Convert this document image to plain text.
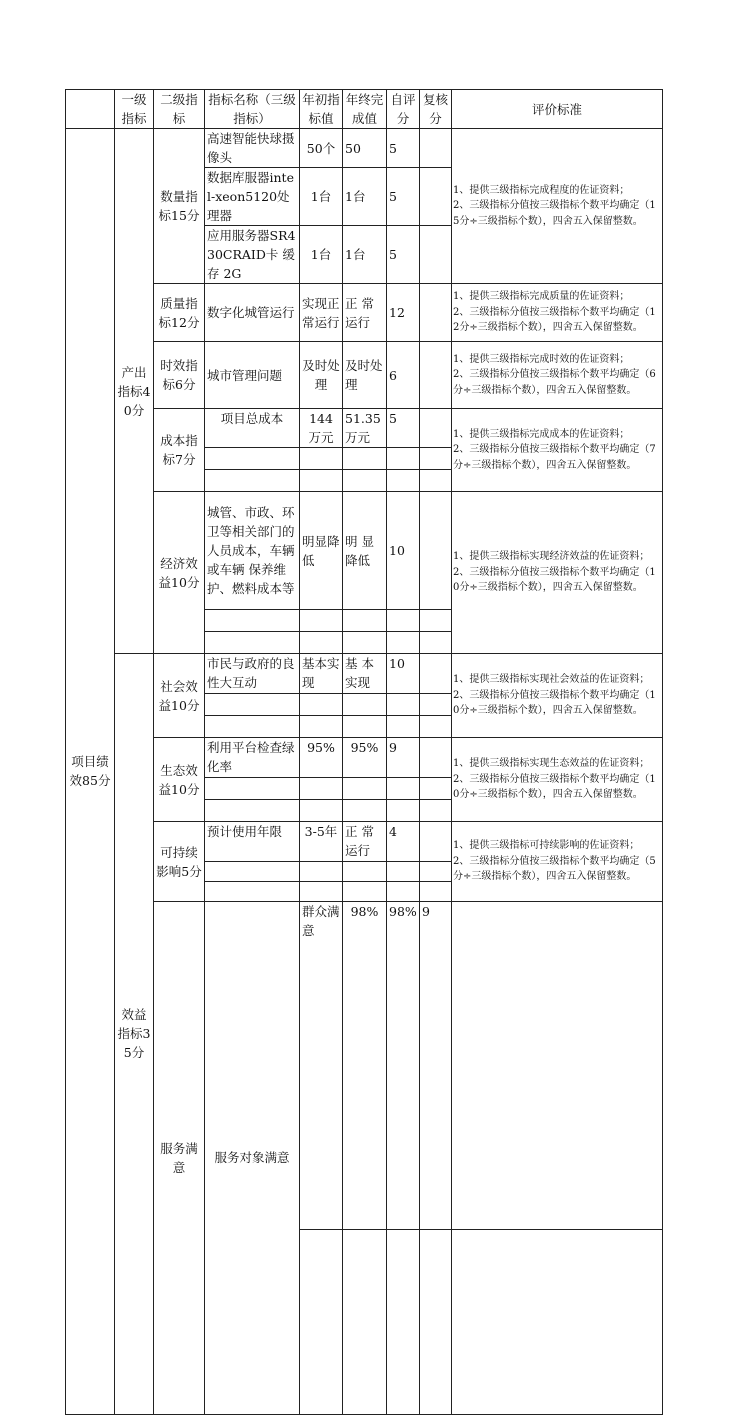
	一级指标	二级指标	指标名称（三级指标）	年初指标值	年终完成值	自评分	复核分	评价标准	
项目绩效85分	产出指标40分	数量指标15分	高速智能快球摄像头	50个	50	5		1、提供三级指标完成程度的佐证资料；
2、三级指标分值按三级指标个数平均确定（15分÷三级指标个数），四舍五入保留整数。	
			数据库服器intel-xeon5120处 理器	1台	1台	5			
			应用服务器SR430CRAID卡 缓存 2G	1台	1台	5			
		质量指标12分	数字化城管运行	实现正常运行	正 常运行	12		1、提供三级指标完成质量的佐证资料；
2、三级指标分值按三级指标个数平均确定（12分÷三级指标个数），四舍五入保留整数。	
		时效指标6分	城市管理问题	及时处理	及时处理	6		1、提供三级指标完成时效的佐证资料；
2、三级指标分值按三级指标个数平均确定（6分÷三级指标个数），四舍五入保留整数。	
		成本指标7分	项目总成本	144 万元	51.35 万元	5		1、提供三级指标完成成本的佐证资料；
2、三级指标分值按三级指标个数平均确定（7分÷三级指标个数），四舍五入保留整数。	

		经济效益10分	城管、市政、环卫等相关部门的人员成本，车辆或车辆 保养维护、燃料成本等	明显降低	明 显降低	10		1、提供三级指标实现经济效益的佐证资料；
2、三级指标分值按三级指标个数平均确定（10分÷三级指标个数），四舍五入保留整数。	

	效益指标35分	社会效益10分	市民与政府的良性大互动	基本实现	基 本实现	10		1、提供三级指标实现社会效益的佐证资料；
2、三级指标分值按三级指标个数平均确定（10分÷三级指标个数），四舍五入保留整数。	

		生态效益10分	利用平台检查绿化率	95%	95%	9		1、提供三级指标实现生态效益的佐证资料；
2、三级指标分值按三级指标个数平均确定（10分÷三级指标个数），四舍五入保留整数。	

		可持续影响5分	预计使用年限	3-5年	正 常运行	4		1、提供三级指标可持续影响的佐证资料；
2、三级指标分值按三级指标个数平均确定（5分÷三级指标个数），四舍五入保留整数。	

		服务满意	服务对象满意	群众满意	98%	98%	9		
